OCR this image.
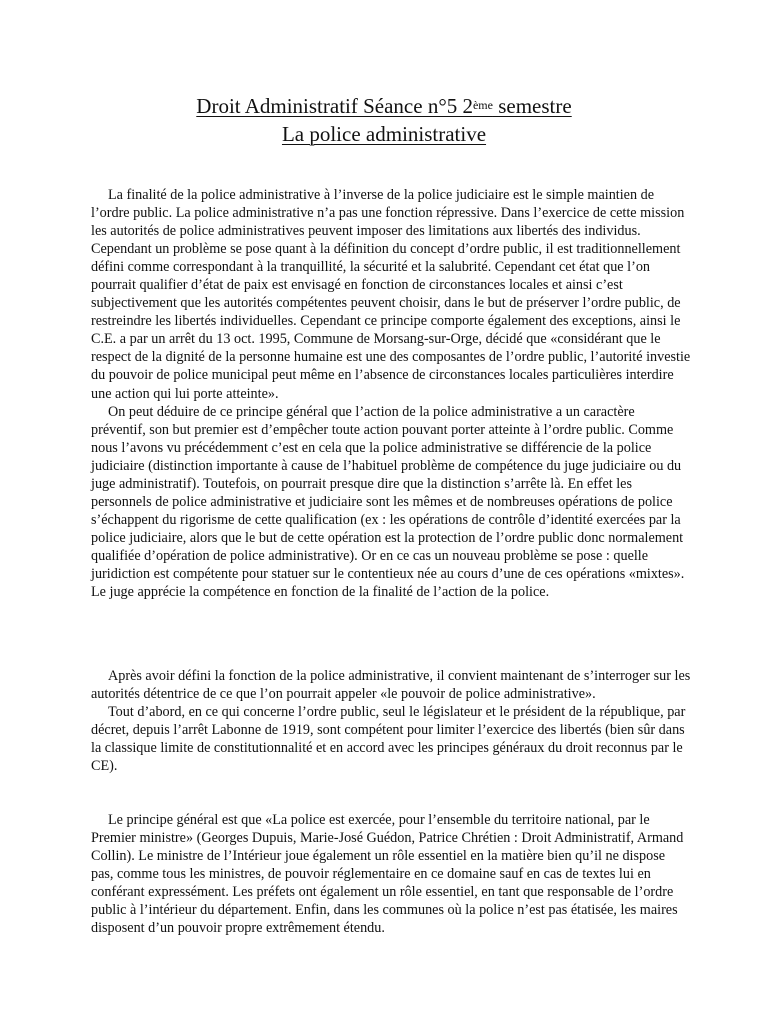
Droit Administratif Séance n°5 2ème semestre

La police administrative

La finalité de la police administrative à l’inverse de la police judiciaire est le simple maintien de l’ordre public. La police administrative n’a pas une fonction répressive. Dans l’exercice de cette mission les autorités de police administratives peuvent imposer des limitations aux libertés des individus. Cependant un problème se pose quant à la définition du concept d’ordre public, il est traditionnellement défini comme correspondant à la tranquillité, la sécurité et la salubrité. Cependant cet état que l’on pourrait qualifier d’état de paix est envisagé en fonction de circonstances locales et ainsi c’est subjectivement que les autorités compétentes peuvent choisir, dans le but de préserver l’ordre public, de restreindre les libertés individuelles. Cependant ce principe comporte également des exceptions, ainsi le C.E. a par un arrêt du 13 oct. 1995, Commune de Morsang-sur-Orge, décidé que «considérant que le respect de la dignité de la personne humaine est une des composantes de l’ordre public, l’autorité investie du pouvoir de police municipal peut même en l’absence de circonstances locales particulières interdire une action qui lui porte atteinte».

On peut déduire de ce principe général que l’action de la police administrative a un caractère préventif, son but premier est d’empêcher toute action pouvant porter atteinte à l’ordre public. Comme nous l’avons vu précédemment c’est en cela que la police administrative se différencie de la police judiciaire (distinction importante à cause de l’habituel problème de compétence du juge judiciaire ou du juge administratif). Toutefois, on pourrait presque dire que la distinction s’arrête là. En effet les personnels de police administrative et judiciaire sont les mêmes et de nombreuses opérations de police s’échappent du rigorisme de cette qualification (ex : les opérations de contrôle d’identité exercées par la police judiciaire, alors que le but de cette opération est la protection de l’ordre public donc normalement qualifiée d’opération de police administrative). Or en ce cas un nouveau problème se pose : quelle juridiction est compétente pour statuer sur le contentieux née au cours d’une de ces opérations «mixtes». Le juge apprécie la compétence en fonction de la finalité de l’action de la police.

Après avoir défini la fonction de la police administrative, il convient maintenant de s’interroger sur les autorités détentrice de ce que l’on pourrait appeler «le pouvoir de police administrative».

Tout d’abord, en ce qui concerne l’ordre public, seul le législateur et le président de la république, par décret, depuis l’arrêt Labonne de 1919, sont compétent pour limiter l’exercice des libertés (bien sûr dans la classique limite de constitutionnalité et en accord avec les principes généraux du droit reconnus par le CE).

Le principe général est que «La police est exercée, pour l’ensemble du territoire national, par le Premier ministre» (Georges Dupuis, Marie-José Guédon, Patrice Chrétien : Droit Administratif, Armand Collin). Le ministre de l’Intérieur joue également un rôle essentiel en la matière bien qu’il ne dispose pas, comme tous les ministres, de pouvoir réglementaire en ce domaine sauf en cas de textes lui en conférant expressément. Les préfets ont également un rôle essentiel, en tant que responsable de l’ordre public à l’intérieur du département. Enfin, dans les communes où la police n’est pas étatisée, les maires disposent d’un pouvoir propre extrêmement étendu.
